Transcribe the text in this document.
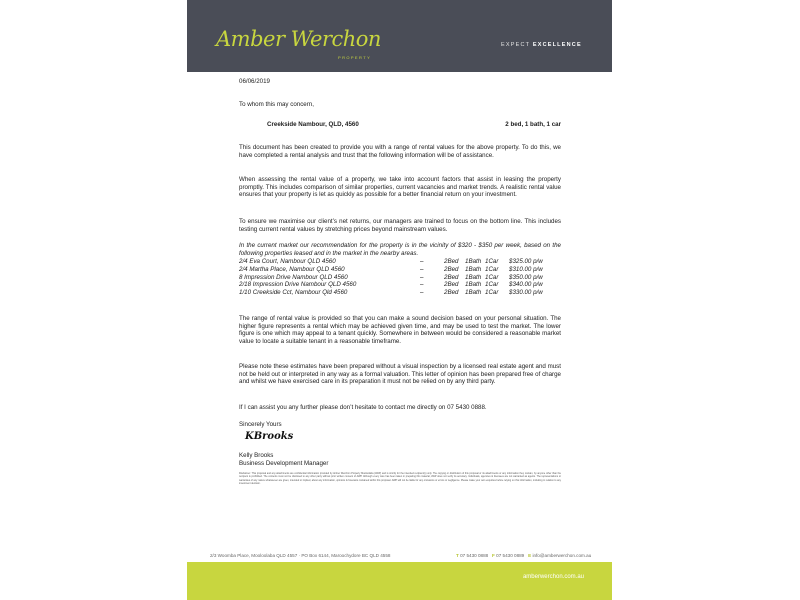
Amber Werchon
PROPERTY
EXPECT EXCELLENCE
06/06/2019
To whom this may concern,
Creekside Nambour, QLD, 4560	2 bed, 1 bath, 1 car

This document has been created to provide you with a range of rental values for the above property. To do this, we have completed a rental analysis and trust that the following information will be of assistance.

When assessing the rental value of a property, we take into account factors that assist in leasing the property promptly. This includes comparison of similar properties, current vacancies and market trends. A realistic rental value ensures that your property is let as quickly as possible for a better financial return on your investment.

To ensure we maximise our client’s net returns, our managers are trained to focus on the bottom line. This includes testing current rental values by stretching prices beyond mainstream values.

In the current market our recommendation for the property is in the vicinity of $320 - $350 per week, based on the following properties leased and in the market in the nearby areas.

2/4 Eva Court, Nambour QLD 4560	–	2Bed 1Bath 1Car $325.00 p/w
2/4 Martha Place, Nambour QLD 4560	–	2Bed 1Bath 1Car $310.00 p/w
8 Impression Drive Nambour QLD 4560	–	2Bed 1Bath 1Car $350.00 p/w
2/18 Impression Drive Nambour QLD 4560	–	2Bed 1Bath 1Car $340.00 p/w
1/10 Creekside Cct, Nambour Qld 4560	–	2Bed 1Bath 1Car $330.00 p/w

The range of rental value is provided so that you can make a sound decision based on your personal situation. The higher figure represents a rental which may be achieved given time, and may be used to test the market. The lower figure is one which may appeal to a tenant quickly. Somewhere in between would be considered a reasonable market value to locate a suitable tenant in a reasonable timeframe.

Please note these estimates have been prepared without a visual inspection by a licensed real estate agent and must not be held out or interpreted in any way as a formal valuation. This letter of opinion has been prepared free of charge and whilst we have exercised care in its preparation it must not be relied on by any third party.

If I can assist you any further please don’t hesitate to contact me directly on 07 5430 0888.

Sincerely Yours

KBrooks
Kelly Brooks
Business Development Manager

Disclaimer: This proposal and any attachments are confidential information provided by Amber Werchon Property Mooloolaba (AWP) and is strictly for the intended recipient(s) only. The copying or distribution of this proposal or its attachments or any information they contain, by anyone other than the recipient is prohibited. The contents must not be disclosed to any other party without prior written consent of AWP. Although every care has been taken in preparing this material, AWP does not verify its accuracy. Individuals, agencies & licensees are not warranted as agents. The representations or warranties of any nature whatsoever are given, intended or implied, about any information, opinions & forecasts contained within this proposal. AWP will not be liable for any omissions or errors or negligence. Please make your own enquiries before relying on this information, including in relation to any investment decision.

2/3 Woomba Place, Mooloolaba QLD 4557 · PO Box 6144, Maroochydore BC QLD 4558	T 07 5430 0888 F 07 5430 0889 E info@amberwerchon.com.au
amberwerchon.com.au
